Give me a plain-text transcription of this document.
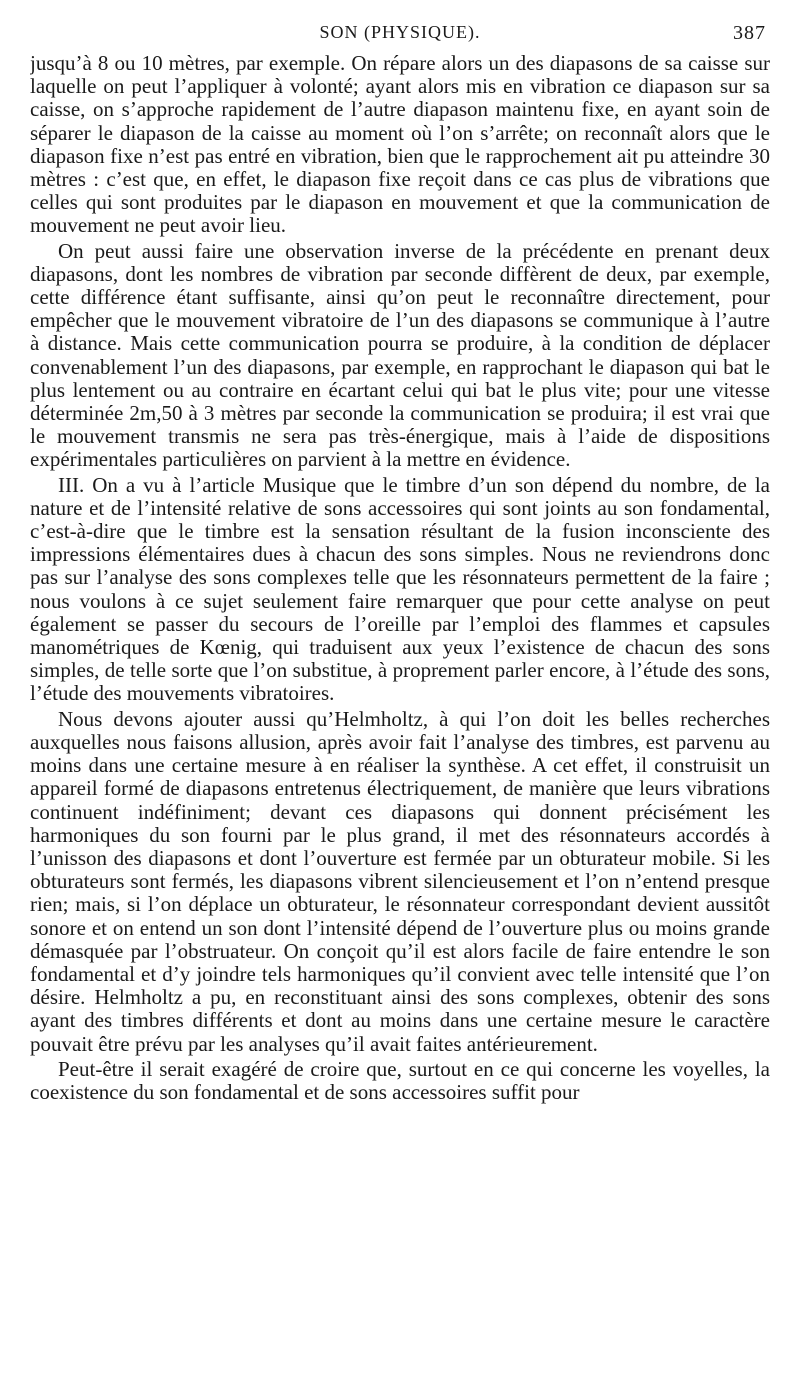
SON (PHYSIQUE).	387

jusqu’à 8 ou 10 mètres, par exemple. On répare alors un des diapasons de sa caisse sur laquelle on peut l’appliquer à volonté; ayant alors mis en vibration ce diapason sur sa caisse, on s’approche rapidement de l’autre diapason maintenu fixe, en ayant soin de séparer le diapason de la caisse au moment où l’on s’arrête; on reconnaît alors que le diapason fixe n’est pas entré en vibration, bien que le rapprochement ait pu atteindre 30 mètres : c’est que, en effet, le diapason fixe reçoit dans ce cas plus de vibrations que celles qui sont produites par le diapason en mouvement et que la communication de mouvement ne peut avoir lieu.

On peut aussi faire une observation inverse de la précédente en prenant deux diapasons, dont les nombres de vibration par seconde diffèrent de deux, par exemple, cette différence étant suffisante, ainsi qu’on peut le reconnaître directement, pour empêcher que le mouvement vibratoire de l’un des diapasons se communique à l’autre à distance. Mais cette communication pourra se produire, à la condition de déplacer convenablement l’un des diapasons, par exemple, en rapprochant le diapason qui bat le plus lentement ou au contraire en écartant celui qui bat le plus vite; pour une vitesse déterminée 2m,50 à 3 mètres par seconde la communication se produira; il est vrai que le mouvement transmis ne sera pas très-énergique, mais à l’aide de dispositions expérimentales particulières on parvient à la mettre en évidence.

III. On a vu à l’article Musique que le timbre d’un son dépend du nombre, de la nature et de l’intensité relative de sons accessoires qui sont joints au son fondamental, c’est-à-dire que le timbre est la sensation résultant de la fusion inconsciente des impressions élémentaires dues à chacun des sons simples. Nous ne reviendrons donc pas sur l’analyse des sons complexes telle que les résonnateurs permettent de la faire ; nous voulons à ce sujet seulement faire remarquer que pour cette analyse on peut également se passer du secours de l’oreille par l’emploi des flammes et capsules manométriques de Kœnig, qui traduisent aux yeux l’existence de chacun des sons simples, de telle sorte que l’on substitue, à proprement parler encore, à l’étude des sons, l’étude des mouvements vibratoires.

Nous devons ajouter aussi qu’Helmholtz, à qui l’on doit les belles recherches auxquelles nous faisons allusion, après avoir fait l’analyse des timbres, est parvenu au moins dans une certaine mesure à en réaliser la synthèse. A cet effet, il construisit un appareil formé de diapasons entretenus électriquement, de manière que leurs vibrations continuent indéfiniment; devant ces diapasons qui donnent précisément les harmoniques du son fourni par le plus grand, il met des résonnateurs accordés à l’unisson des diapasons et dont l’ouverture est fermée par un obturateur mobile. Si les obturateurs sont fermés, les diapasons vibrent silencieusement et l’on n’entend presque rien; mais, si l’on déplace un obturateur, le résonnateur correspondant devient aussitôt sonore et on entend un son dont l’intensité dépend de l’ouverture plus ou moins grande démasquée par l’obstruateur. On conçoit qu’il est alors facile de faire entendre le son fondamental et d’y joindre tels harmoniques qu’il convient avec telle intensité que l’on désire. Helmholtz a pu, en reconstituant ainsi des sons complexes, obtenir des sons ayant des timbres différents et dont au moins dans une certaine mesure le caractère pouvait être prévu par les analyses qu’il avait faites antérieurement.

Peut-être il serait exagéré de croire que, surtout en ce qui concerne les voyelles, la coexistence du son fondamental et de sons accessoires suffit pour
